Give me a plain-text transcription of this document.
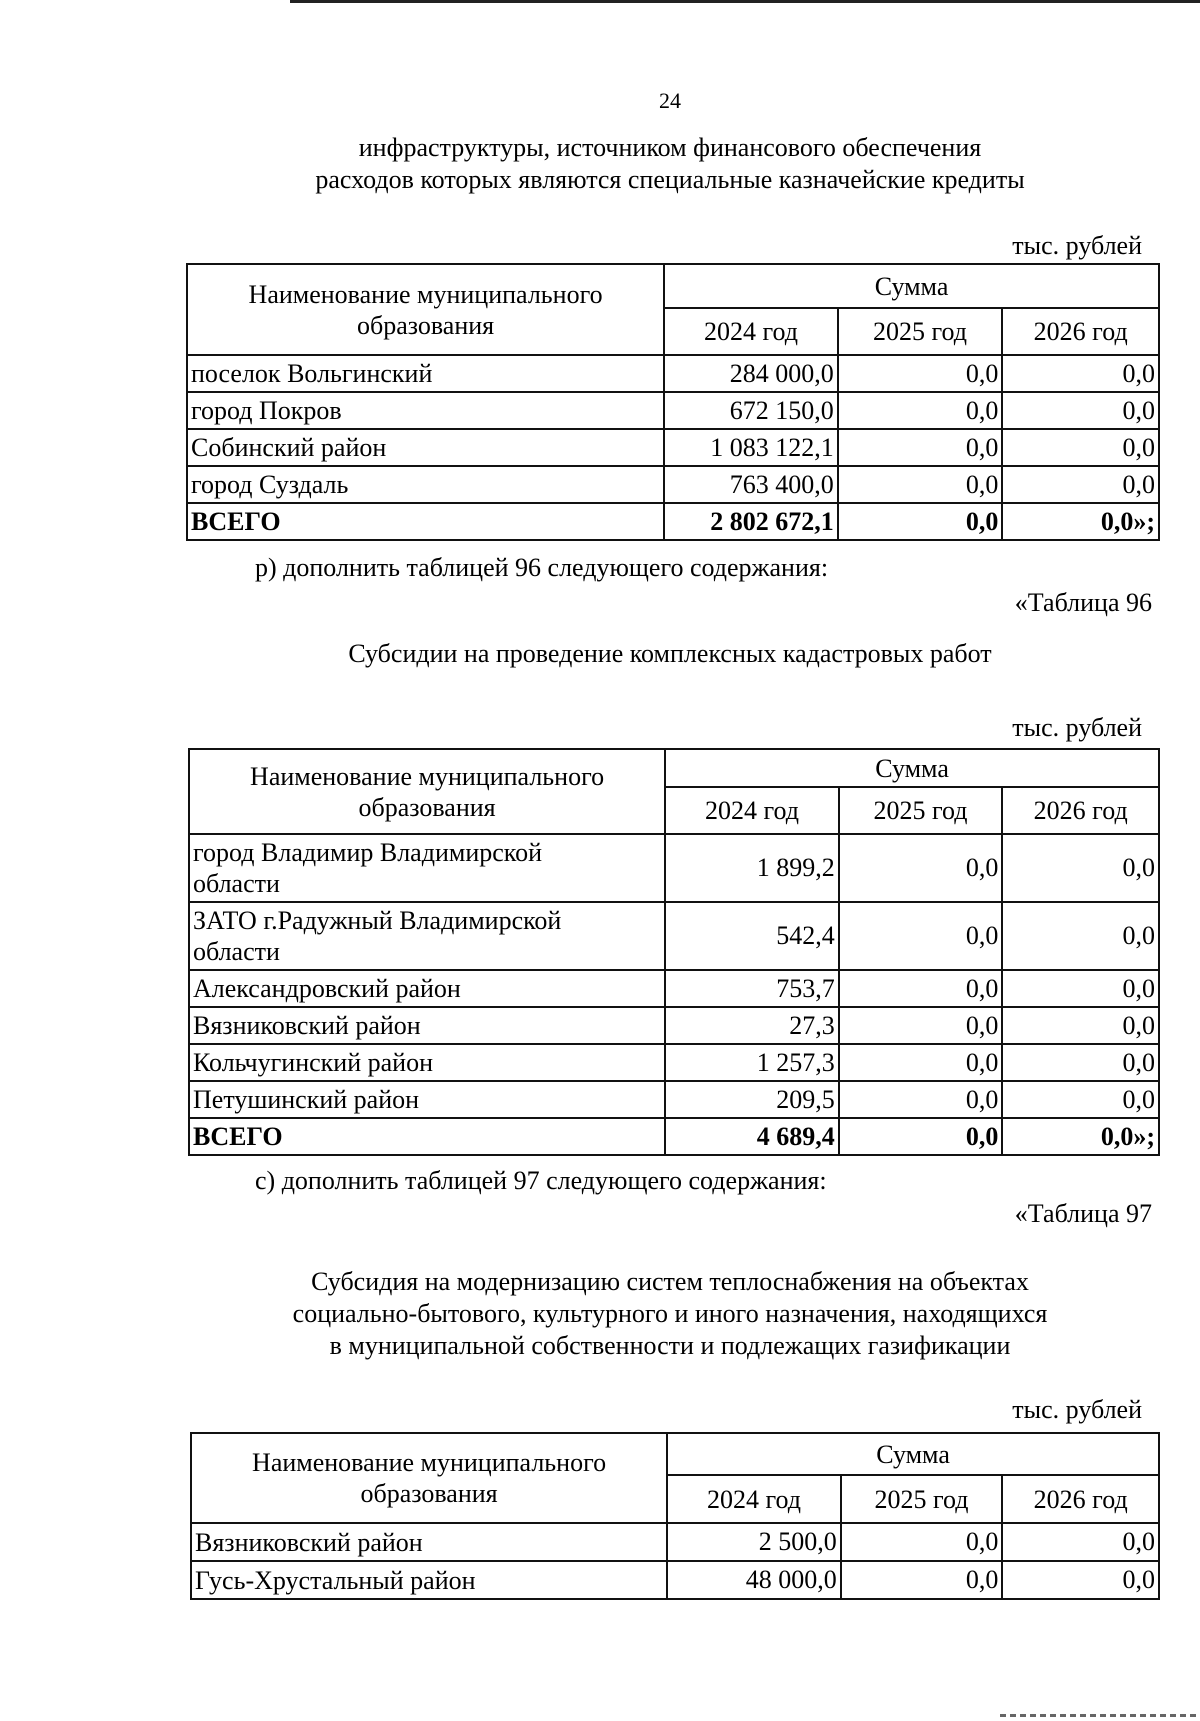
24
инфраструктуры, источником финансового обеспечения
расходов которых являются специальные казначейские кредиты
тыс. рублей
Наименование муниципального образования	Сумма		
	2024 год	2025 год	2026 год
поселок Вольгинский	284 000,0	0,0	0,0
город Покров	672 150,0	0,0	0,0
Собинский район	1 083 122,1	0,0	0,0
город Суздаль	763 400,0	0,0	0,0
ВСЕГО	2 802 672,1	0,0	0,0»;
р) дополнить таблицей 96 следующего содержания:
«Таблица 96
Субсидии на проведение комплексных кадастровых работ
тыс. рублей
Наименование муниципального образования	Сумма		
	2024 год	2025 год	2026 год
город Владимир Владимирской области	1 899,2	0,0	0,0
ЗАТО г.Радужный Владимирской области	542,4	0,0	0,0
Александровский район	753,7	0,0	0,0
Вязниковский район	27,3	0,0	0,0
Кольчугинский район	1 257,3	0,0	0,0
Петушинский район	209,5	0,0	0,0
ВСЕГО	4 689,4	0,0	0,0»;
с) дополнить таблицей 97 следующего содержания:
«Таблица 97
Субсидия на модернизацию систем теплоснабжения на объектах
социально-бытового, культурного и иного назначения, находящихся
в муниципальной собственности и подлежащих газификации
тыс. рублей
Наименование муниципального образования	Сумма		
	2024 год	2025 год	2026 год
Вязниковский район	2 500,0	0,0	0,0
Гусь-Хрустальный район	48 000,0	0,0	0,0
